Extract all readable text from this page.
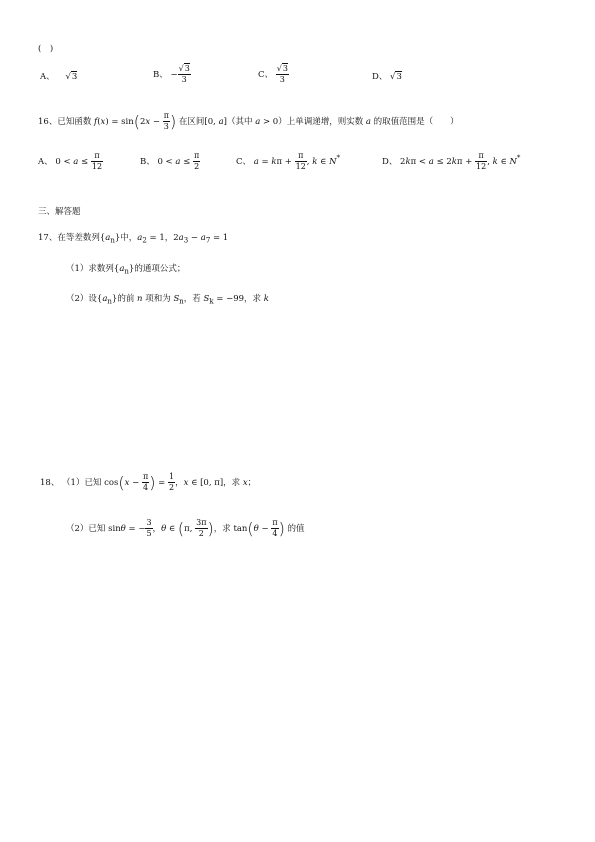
(　)
A、 √3	B、 − $\frac{√3}{3}$	C、 $\frac{√3}{3}$	D、 √3
16、已知函数 $f(x) = \sin(2x - \frac{\pi}{3}$ ) 在区间[0, a]（其中 a > 0）上单调递增，则实数 a 的取值范围是（　　）
A、 $0 < a \le \frac{\pi}{12}$	B、 $0 < a \le \frac{\pi}{2}$	C、 $a = k\pi + \frac{\pi}{12}$ , k ∈ N*	D、 $2k\pi < a \le 2k\pi + \frac{\pi}{12}$ , k ∈ N*
三、解答题
17、在等差数列$\{a_n\}$中，$a_2 = 1$，$2a_3 - a_7 = 1$
（1）求数列$\{a_n\}$的通项公式；
（2）设$\{a_n\}$的前 n 项和为 $S_n$，若 $S_k = -99$，求 k
18、 （1）已知 $\cos(x - \frac{\pi}{4}$ ) = $\frac{1}{2}$ ，x ∈ [0, π]，求 x；
（2）已知 sinθ = − $\frac{3}{5}$ ，θ ∈ (π, $\frac{3\pi}{2}$ )，求 $\tan(\theta - \frac{\pi}{4}$ ) 的值
